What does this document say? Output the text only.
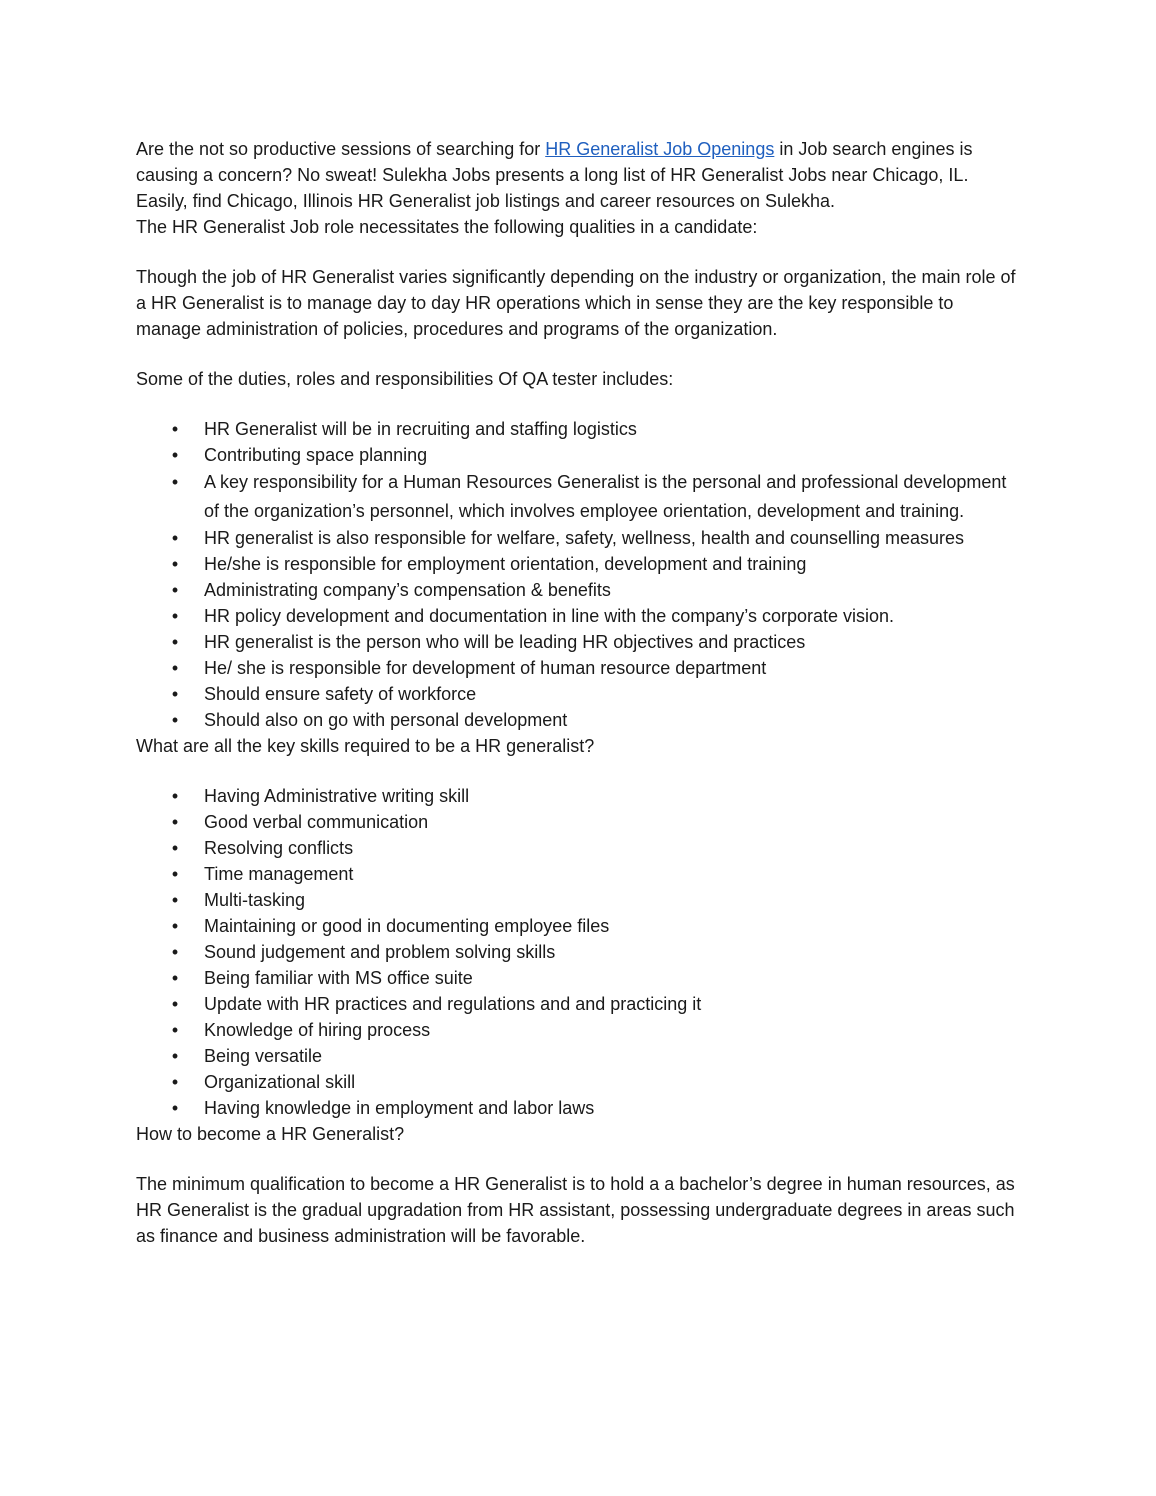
Are the not so productive sessions of searching for HR Generalist Job Openings in Job search engines is causing a concern? No sweat! Sulekha Jobs presents a long list of HR Generalist Jobs near Chicago, IL. Easily, find Chicago, Illinois HR Generalist job listings and career resources on Sulekha.

The HR Generalist Job role necessitates the following qualities in a candidate:

Though the job of HR Generalist varies significantly depending on the industry or organization, the main role of a HR Generalist is to manage day to day HR operations which in sense they are the key responsible to manage administration of policies, procedures and programs of the organization.

Some of the duties, roles and responsibilities Of QA tester includes:

• HR Generalist will be in recruiting and staffing logistics
• Contributing space planning
• A key responsibility for a Human Resources Generalist is the personal and professional development of the organization’s personnel, which involves employee orientation, development and training.
• HR generalist is also responsible for welfare, safety, wellness, health and counselling measures
• He/she is responsible for employment orientation, development and training
• Administrating company’s compensation & benefits
• HR policy development and documentation in line with the company’s corporate vision.
• HR generalist is the person who will be leading HR objectives and practices
• He/ she is responsible for development of human resource department
• Should ensure safety of workforce
• Should also on go with personal development

What are all the key skills required to be a HR generalist?

• Having Administrative writing skill
• Good verbal communication
• Resolving conflicts
• Time management
• Multi-tasking
• Maintaining or good in documenting employee files
• Sound judgement and problem solving skills
• Being familiar with MS office suite
• Update with HR practices and regulations and and practicing it
• Knowledge of hiring process
• Being versatile
• Organizational skill
• Having knowledge in employment and labor laws

How to become a HR Generalist?

The minimum qualification to become a HR Generalist is to hold a a bachelor’s degree in human resources, as HR Generalist is the gradual upgradation from HR assistant, possessing undergraduate degrees in areas such as finance and business administration will be favorable.
